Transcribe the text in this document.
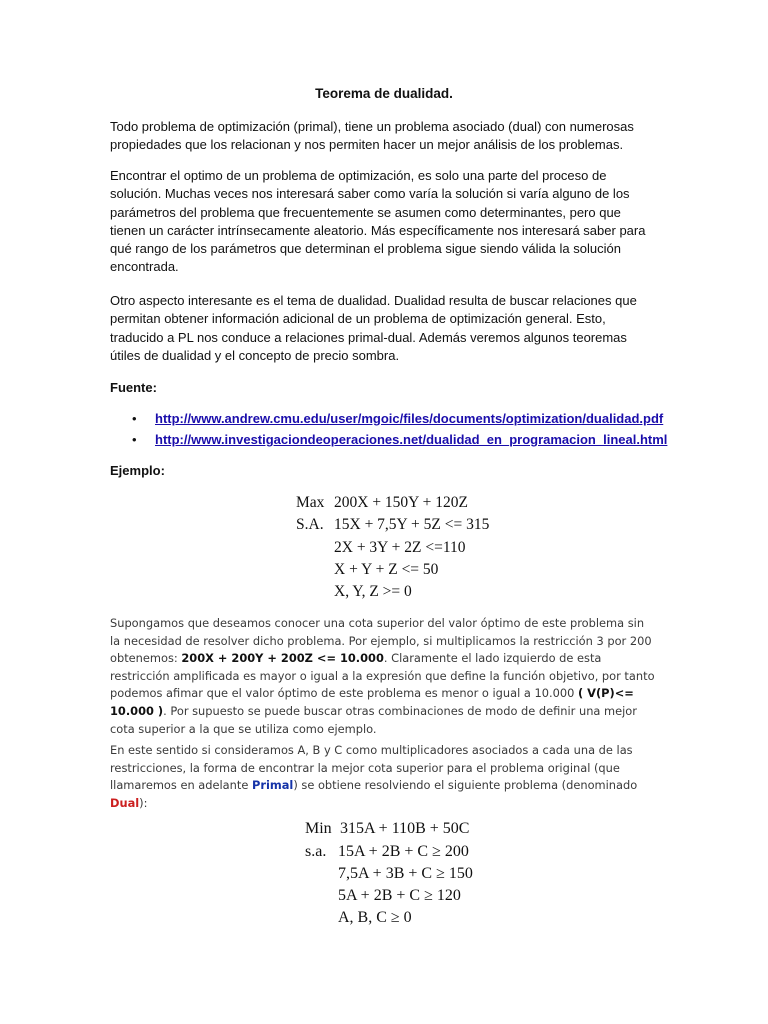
Teorema de dualidad.

Todo problema de optimización (primal), tiene un problema asociado (dual) con numerosas propiedades que los relacionan y nos permiten hacer un mejor análisis de los problemas.

Encontrar el optimo de un problema de optimización, es solo una parte del proceso de solución. Muchas veces nos interesará saber como varía la solución si varía alguno de los parámetros del problema que frecuentemente se asumen como determinantes, pero que tienen un carácter intrínsecamente aleatorio. Más específicamente nos interesará saber para qué rango de los parámetros que determinan el problema sigue siendo válida la solución encontrada.

Otro aspecto interesante es el tema de dualidad. Dualidad resulta de buscar relaciones que permitan obtener información adicional de un problema de optimización general. Esto, traducido a PL nos conduce a relaciones primal-dual. Además veremos algunos teoremas útiles de dualidad y el concepto de precio sombra.

Fuente:

• http://www.andrew.cmu.edu/user/mgoic/files/documents/optimization/dualidad.pdf
• http://www.investigaciondeoperaciones.net/dualidad_en_programacion_lineal.html

Ejemplo:

Max 200X + 150Y + 120Z
S.A. 15X + 7,5Y + 5Z <= 315
2X + 3Y + 2Z <=110
X + Y + Z <= 50
X, Y, Z >= 0

Supongamos que deseamos conocer una cota superior del valor óptimo de este problema sin la necesidad de resolver dicho problema. Por ejemplo, si multiplicamos la restricción 3 por 200 obtenemos: 200X + 200Y + 200Z <= 10.000. Claramente el lado izquierdo de esta restricción amplificada es mayor o igual a la expresión que define la función objetivo, por tanto podemos afimar que el valor óptimo de este problema es menor o igual a 10.000 ( V(P)<= 10.000 ). Por supuesto se puede buscar otras combinaciones de modo de definir una mejor cota superior a la que se utiliza como ejemplo.

En este sentido si consideramos A, B y C como multiplicadores asociados a cada una de las restricciones, la forma de encontrar la mejor cota superior para el problema original (que llamaremos en adelante Primal) se obtiene resolviendo el siguiente problema (denominado Dual):

Min 315A + 110B + 50C
s.a. 15A + 2B + C ≥ 200
7,5A + 3B + C ≥ 150
5A + 2B + C ≥ 120
A, B, C ≥ 0
